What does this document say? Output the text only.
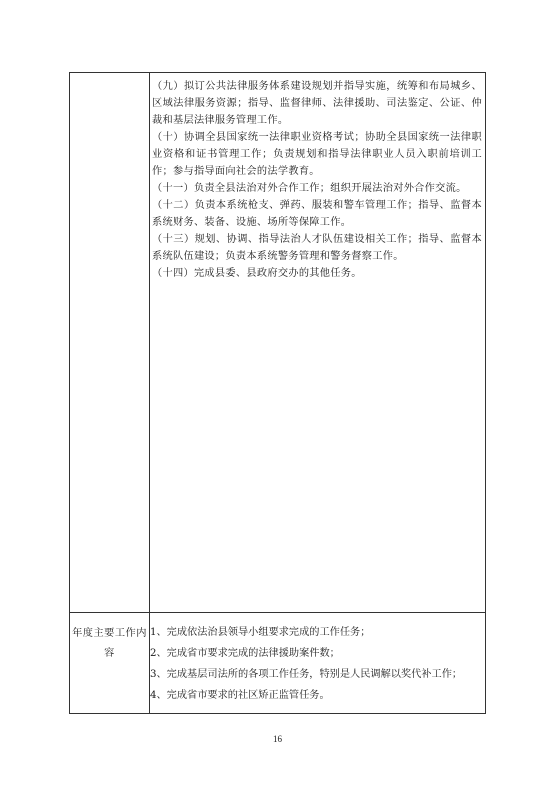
（九）拟订公共法律服务体系建设规划并指导实施，统筹和布局城乡、区域法律服务资源；指导、监督律师、法律援助、司法鉴定、公证、仲裁和基层法律服务管理工作。

（十）协调全县国家统一法律职业资格考试；协助全县国家统一法律职业资格和证书管理工作；负责规划和指导法律职业人员入职前培训工作；参与指导面向社会的法学教育。

（十一）负责全县法治对外合作工作；组织开展法治对外合作交流。

（十二）负责本系统枪支、弹药、服装和警车管理工作；指导、监督本系统财务、装备、设施、场所等保障工作。

（十三）规划、协调、指导法治人才队伍建设相关工作；指导、监督本系统队伍建设；负责本系统警务管理和警务督察工作。

（十四）完成县委、县政府交办的其他任务。

年度主要工作内容

1、完成依法治县领导小组要求完成的工作任务；

2、完成省市要求完成的法律援助案件数；

3、完成基层司法所的各项工作任务，特别是人民调解以奖代补工作；

4、完成省市要求的社区矫正监管任务。

16
